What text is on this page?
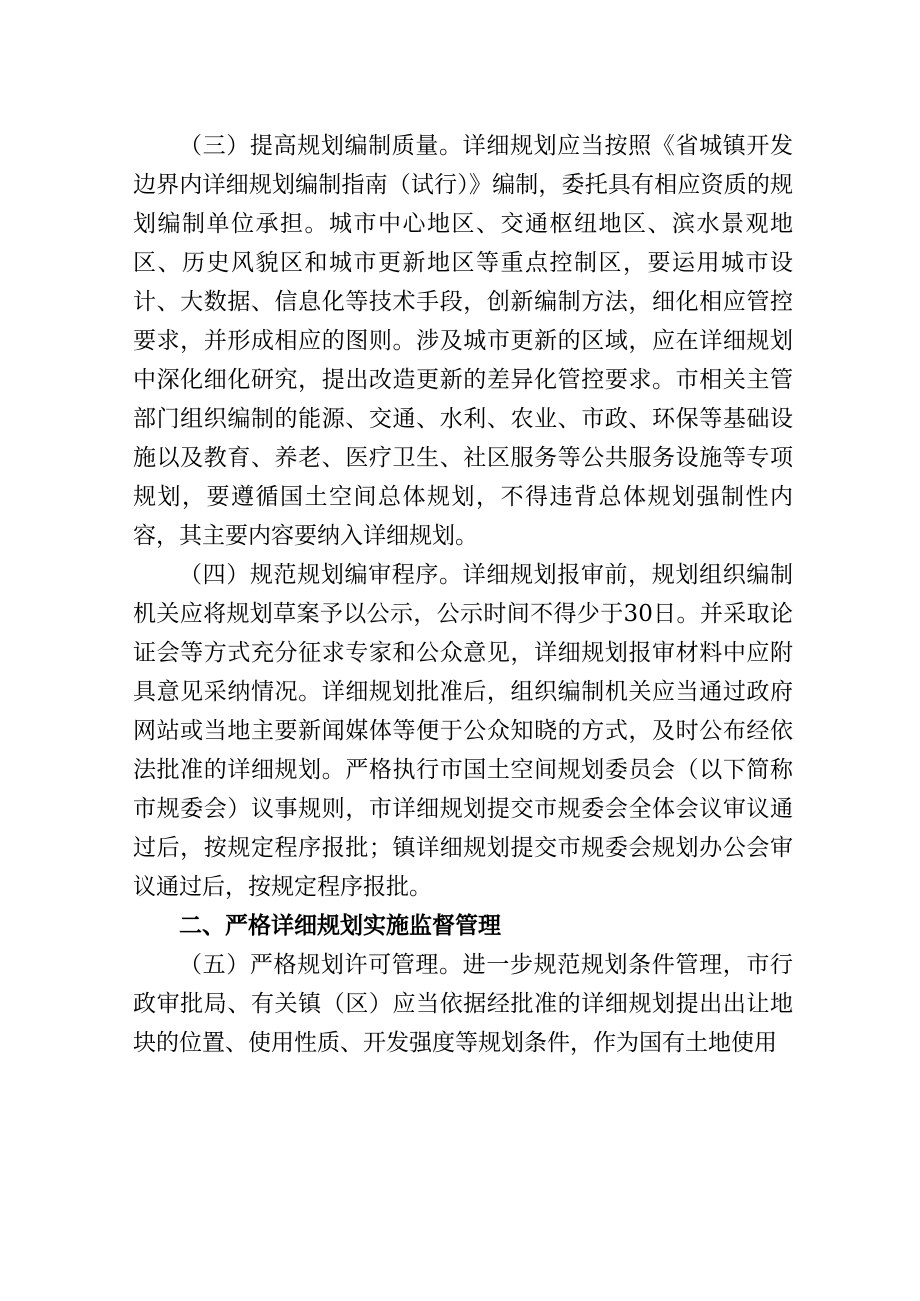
（三）提高规划编制质量。详细规划应当按照《省城镇开发边界内详细规划编制指南（试行）》编制，委托具有相应资质的规划编制单位承担。城市中心地区、交通枢纽地区、滨水景观地区、历史风貌区和城市更新地区等重点控制区，要运用城市设计、大数据、信息化等技术手段，创新编制方法，细化相应管控要求，并形成相应的图则。涉及城市更新的区域，应在详细规划中深化细化研究，提出改造更新的差异化管控要求。市相关主管部门组织编制的能源、交通、水利、农业、市政、环保等基础设施以及教育、养老、医疗卫生、社区服务等公共服务设施等专项规划，要遵循国土空间总体规划，不得违背总体规划强制性内容，其主要内容要纳入详细规划。

（四）规范规划编审程序。详细规划报审前，规划组织编制机关应将规划草案予以公示，公示时间不得少于30日。并采取论证会等方式充分征求专家和公众意见，详细规划报审材料中应附具意见采纳情况。详细规划批准后，组织编制机关应当通过政府网站或当地主要新闻媒体等便于公众知晓的方式，及时公布经依法批准的详细规划。严格执行市国土空间规划委员会（以下简称市规委会）议事规则，市详细规划提交市规委会全体会议审议通过后，按规定程序报批；镇详细规划提交市规委会规划办公会审议通过后，按规定程序报批。

二、严格详细规划实施监督管理

（五）严格规划许可管理。进一步规范规划条件管理，市行政审批局、有关镇（区）应当依据经批准的详细规划提出出让地块的位置、使用性质、开发强度等规划条件，作为国有土地使用
